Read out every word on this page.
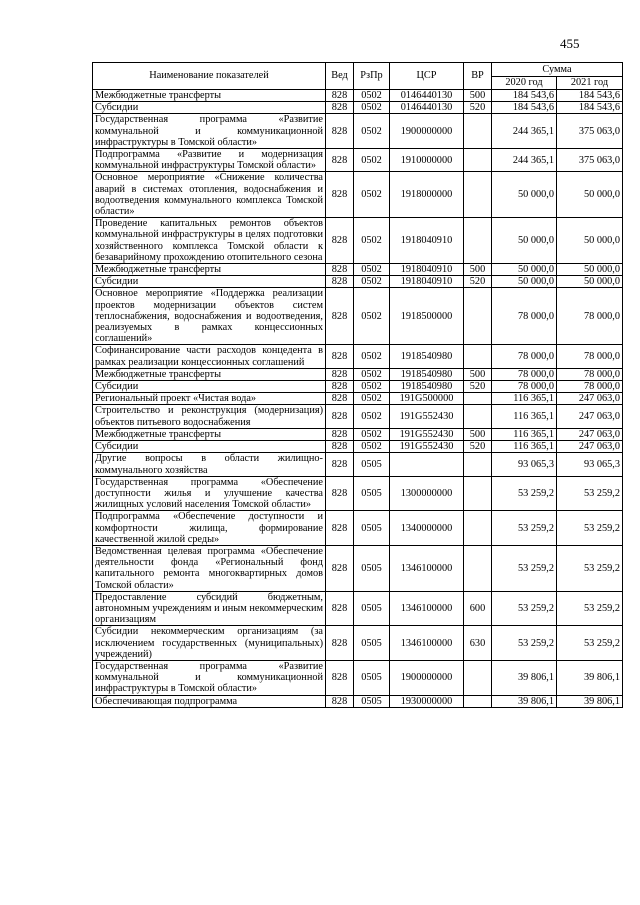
455
Наименование показателей	Вед	РзПр	ЦСР	ВР	Сумма	
					2020 год	2021 год
Межбюджетные трансферты	828	0502	0146440130	500	184 543,6	184 543,6
Субсидии	828	0502	0146440130	520	184 543,6	184 543,6
Государственная программа «Развитие коммунальной и коммуникационной инфраструктуры в Томской области»	828	0502	1900000000		244 365,1	375 063,0
Подпрограмма «Развитие и модернизация коммунальной инфраструктуры Томской области»	828	0502	1910000000		244 365,1	375 063,0
Основное мероприятие «Снижение количества аварий в системах отопления, водоснабжения и водоотведения коммунального комплекса Томской области»	828	0502	1918000000		50 000,0	50 000,0
Проведение капитальных ремонтов объектов коммунальной инфраструктуры в целях подготовки хозяйственного комплекса Томской области к безаварийному прохождению отопительного сезона	828	0502	1918040910		50 000,0	50 000,0
Межбюджетные трансферты	828	0502	1918040910	500	50 000,0	50 000,0
Субсидии	828	0502	1918040910	520	50 000,0	50 000,0
Основное мероприятие «Поддержка реализации проектов модернизации объектов систем теплоснабжения, водоснабжения и водоотведения, реализуемых в рамках концессионных соглашений»	828	0502	1918500000		78 000,0	78 000,0
Софинансирование части расходов концедента в рамках реализации концессионных соглашений	828	0502	1918540980		78 000,0	78 000,0
Межбюджетные трансферты	828	0502	1918540980	500	78 000,0	78 000,0
Субсидии	828	0502	1918540980	520	78 000,0	78 000,0
Региональный проект «Чистая вода»	828	0502	191G500000		116 365,1	247 063,0
Строительство и реконструкция (модернизация) объектов питьевого водоснабжения	828	0502	191G552430		116 365,1	247 063,0
Межбюджетные трансферты	828	0502	191G552430	500	116 365,1	247 063,0
Субсидии	828	0502	191G552430	520	116 365,1	247 063,0
Другие вопросы в области жилищно-коммунального хозяйства	828	0505			93 065,3	93 065,3
Государственная программа «Обеспечение доступности жилья и улучшение качества жилищных условий населения Томской области»	828	0505	1300000000		53 259,2	53 259,2
Подпрограмма «Обеспечение доступности и комфортности жилища, формирование качественной жилой среды»	828	0505	1340000000		53 259,2	53 259,2
Ведомственная целевая программа «Обеспечение деятельности фонда «Региональный фонд капитального ремонта многоквартирных домов Томской области»	828	0505	1346100000		53 259,2	53 259,2
Предоставление субсидий бюджетным, автономным учреждениям и иным некоммерческим организациям	828	0505	1346100000	600	53 259,2	53 259,2
Субсидии некоммерческим организациям (за исключением государственных (муниципальных) учреждений)	828	0505	1346100000	630	53 259,2	53 259,2
Государственная программа «Развитие коммунальной и коммуникационной инфраструктуры в Томской области»	828	0505	1900000000		39 806,1	39 806,1
Обеспечивающая подпрограмма	828	0505	1930000000		39 806,1	39 806,1
